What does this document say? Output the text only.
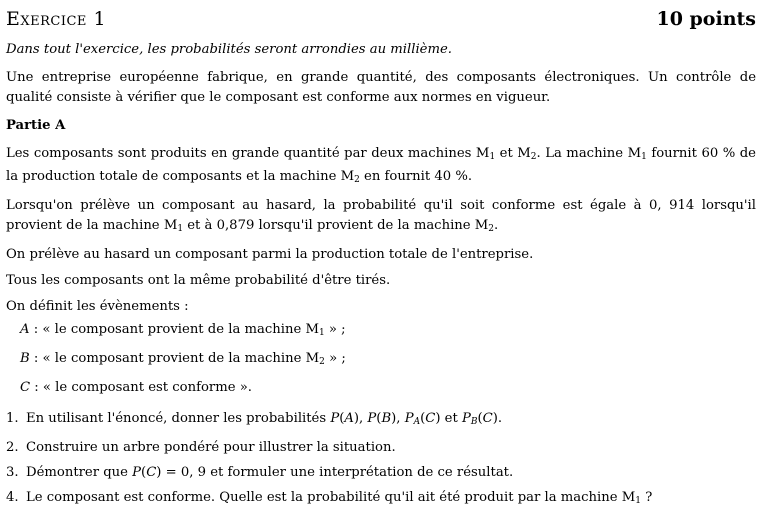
Exercice 1	10 points

Dans tout l'exercice, les probabilités seront arrondies au millième.

Une entreprise européenne fabrique, en grande quantité, des composants électroniques. Un contrôle de qualité consiste à vérifier que le composant est conforme aux normes en vigueur.

Partie A

Les composants sont produits en grande quantité par deux machines $M_1$ et $M_2$. La machine $M_1$ fournit 60 % de la production totale de composants et la machine $M_2$ en fournit 40 %.

Lorsqu'on prélève un composant au hasard, la probabilité qu'il soit conforme est égale à 0, 914 lorsqu'il provient de la machine $M_1$ et à 0,879 lorsqu'il provient de la machine $M_2$.

On prélève au hasard un composant parmi la production totale de l'entreprise.

Tous les composants ont la même probabilité d'être tirés.

On définit les évènements :

A : « le composant provient de la machine $M_1$ » ;

B : « le composant provient de la machine $M_2$ » ;

C : « le composant est conforme ».

1. En utilisant l'énoncé, donner les probabilités P(A), P(B), $P_A(C)$ et $P_B(C)$.
2. Construire un arbre pondéré pour illustrer la situation.
3. Démontrer que P(C) = 0, 9 et formuler une interprétation de ce résultat.
4. Le composant est conforme. Quelle est la probabilité qu'il ait été produit par la machine $M_1$ ?
